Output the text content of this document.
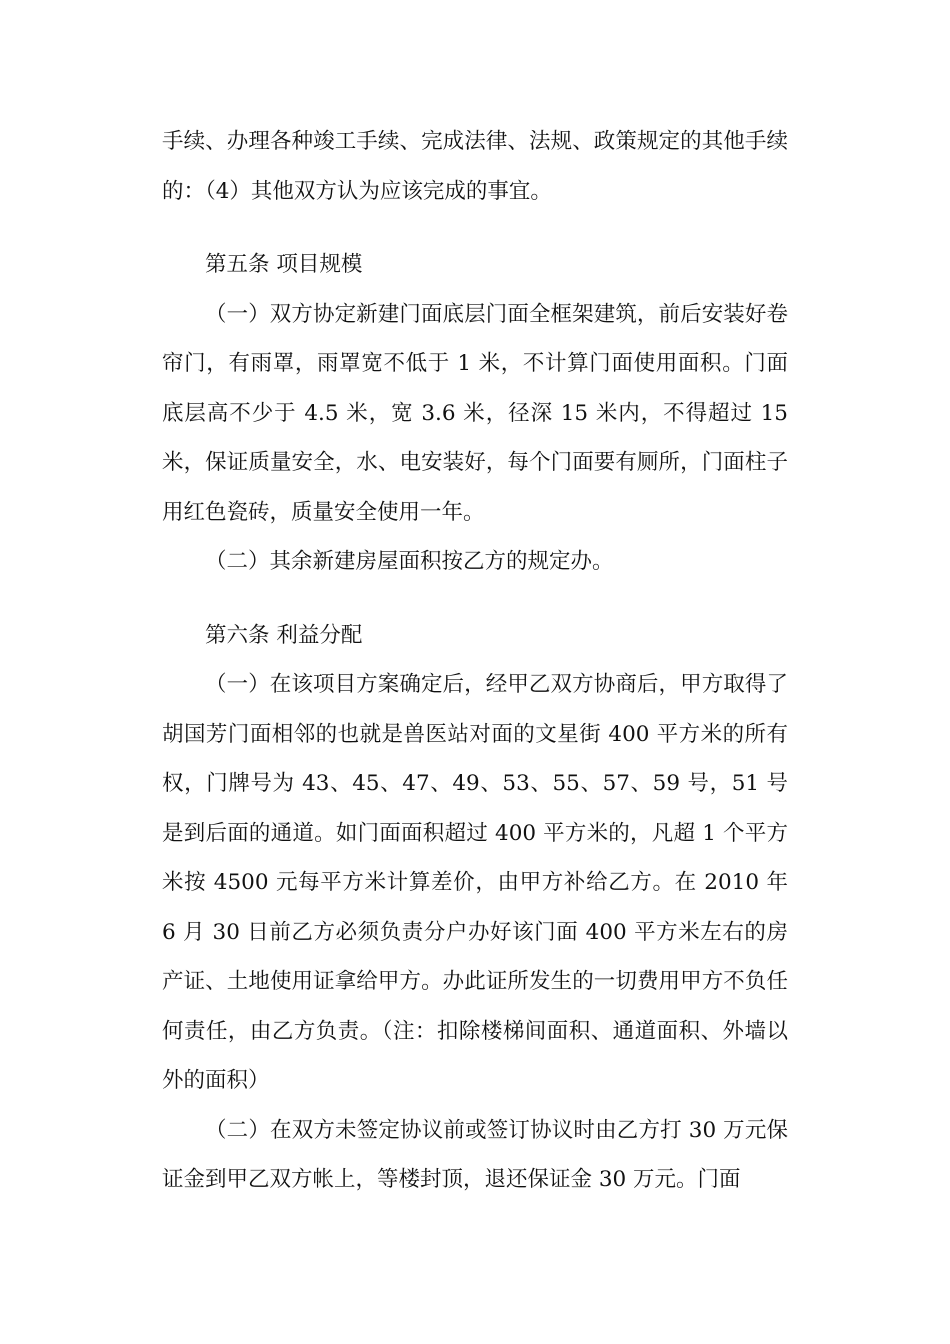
手续、办理各种竣工手续、完成法律、法规、政策规定的其他手续的：（4）其他双方认为应该完成的事宜。

第五条 项目规模

（一）双方协定新建门面底层门面全框架建筑，前后安装好卷帘门，有雨罩，雨罩宽不低于 1 米，不计算门面使用面积。门面底层高不少于 4.5 米，宽 3.6 米，径深 15 米内，不得超过 15 米，保证质量安全，水、电安装好，每个门面要有厕所，门面柱子用红色瓷砖，质量安全使用一年。

（二）其余新建房屋面积按乙方的规定办。

第六条 利益分配

（一）在该项目方案确定后，经甲乙双方协商后，甲方取得了胡国芳门面相邻的也就是兽医站对面的文星街 400 平方米的所有权，门牌号为 43、45、47、49、53、55、57、59 号，51 号是到后面的通道。如门面面积超过 400 平方米的，凡超 1 个平方米按 4500 元每平方米计算差价，由甲方补给乙方。在 2010 年 6 月 30 日前乙方必须负责分户办好该门面 400 平方米左右的房产证、土地使用证拿给甲方。办此证所发生的一切费用甲方不负任何责任，由乙方负责。（注：扣除楼梯间面积、通道面积、外墙以外的面积）

（二）在双方未签定协议前或签订协议时由乙方打 30 万元保证金到甲乙双方帐上，等楼封顶，退还保证金 30 万元。门面
